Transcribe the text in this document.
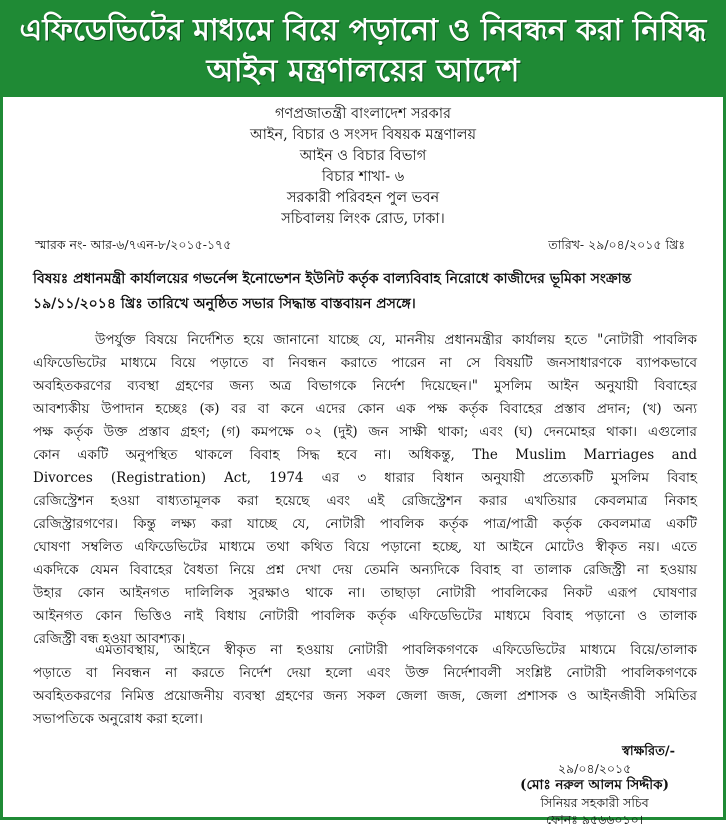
এফিডেভিটের মাধ্যমে বিয়ে পড়ানো ও নিবন্ধন করা নিষিদ্ধ
আইন মন্ত্রণালয়ের আদেশ
গণপ্রজাতন্ত্রী বাংলাদেশ সরকার
আইন, বিচার ও সংসদ বিষয়ক মন্ত্রণালয়
আইন ও বিচার বিভাগ
বিচার শাখা- ৬
সরকারী পরিবহন পুল ভবন
সচিবালয় লিংক রোড, ঢাকা।
স্মারক নং- আর-৬/৭এন-৮/২০১৫-১৭৫	তারিখ- ২৯/০৪/২০১৫ খ্রিঃ
বিষয়ঃ প্রধানমন্ত্রী কার্যালয়ের গভর্নেন্স ইনোভেশন ইউনিট কর্তৃক বাল্যবিবাহ নিরোধে কাজীদের ভূমিকা সংক্রান্ত
১৯/১১/২০১৪ খ্রিঃ তারিখে অনুষ্ঠিত সভার সিদ্ধান্ত বাস্তবায়ন প্রসঙ্গে।
উপর্যুক্ত বিষয়ে নির্দেশিত হয়ে জানানো যাচ্ছে যে, মাননীয় প্রধানমন্ত্রীর কার্যালয় হতে "নোটারী পাবলিক
এফিডেভিটের মাধ্যমে বিয়ে পড়াতে বা নিবন্ধন করাতে পারেন না সে বিষয়টি জনসাধারণকে ব্যাপকভাবে
অবহিতকরণের ব্যবস্থা গ্রহণের জন্য অত্র বিভাগকে নির্দেশ দিয়েছেন।" মুসলিম আইন অনুযায়ী বিবাহের
আবশ্যকীয় উপাদান হচ্ছেঃ (ক) বর বা কনে এদের কোন এক পক্ষ কর্তৃক বিবাহের প্রস্তাব প্রদান; (খ) অন্য
পক্ষ কর্তৃক উক্ত প্রস্তাব গ্রহণ; (গ) কমপক্ষে ০২ (দুই) জন সাক্ষী থাকা; এবং (ঘ) দেনমোহর থাকা। এগুলোর
কোন একটি অনুপস্থিত থাকলে বিবাহ সিদ্ধ হবে না। অধিকন্তু, The Muslim Marriages and
Divorces (Registration) Act, 1974 এর ৩ ধারার বিধান অনুযায়ী প্রত্যেকটি মুসলিম বিবাহ
রেজিস্ট্রেশন হওয়া বাধ্যতামূলক করা হয়েছে এবং এই রেজিস্ট্রেশন করার এখতিয়ার কেবলমাত্র নিকাহ
রেজিস্ট্রারগণের। কিন্তু লক্ষ্য করা যাচ্ছে যে, নোটারী পাবলিক কর্তৃক পাত্র/পাত্রী কর্তৃক কেবলমাত্র একটি
ঘোষণা সম্বলিত এফিডেভিটের মাধ্যমে তথা কথিত বিয়ে পড়ানো হচ্ছে, যা আইনে মোটেও স্বীকৃত নয়। এতে
একদিকে যেমন বিবাহের বৈধতা নিয়ে প্রশ্ন দেখা দেয় তেমনি অন্যদিকে বিবাহ বা তালাক রেজিস্ট্রী না হওয়ায়
উহার কোন আইনগত দালিলিক সুরক্ষাও থাকে না। তাছাড়া নোটারী পাবলিকের নিকট এরূপ ঘোষণার
আইনগত কোন ভিত্তিও নাই বিধায় নোটারী পাবলিক কর্তৃক এফিডেভিটের মাধ্যমে বিবাহ পড়ানো ও তালাক
রেজিস্ট্রী বন্ধ হওয়া আবশ্যক।
এমতাবস্থায়, আইনে স্বীকৃত না হওয়ায় নোটারী পাবলিকগণকে এফিডেভিটের মাধ্যমে বিয়ে/তালাক
পড়াতে বা নিবন্ধন না করতে নির্দেশ দেয়া হলো এবং উক্ত নির্দেশাবলী সংশ্লিষ্ট নোটারী পাবলিকগণকে
অবহিতকরণের নিমিত্ত প্রয়োজনীয় ব্যবস্থা গ্রহণের জন্য সকল জেলা জজ, জেলা প্রশাসক ও আইনজীবী সমিতির
সভাপতিকে অনুরোধ করা হলো।
স্বাক্ষরিত/-
২৯/০৪/২০১৫
(মোঃ নরুল আলম সিদ্দীক)
সিনিয়র সহকারী সচিব
ফোনঃ ৯৫৬৬০১০।
